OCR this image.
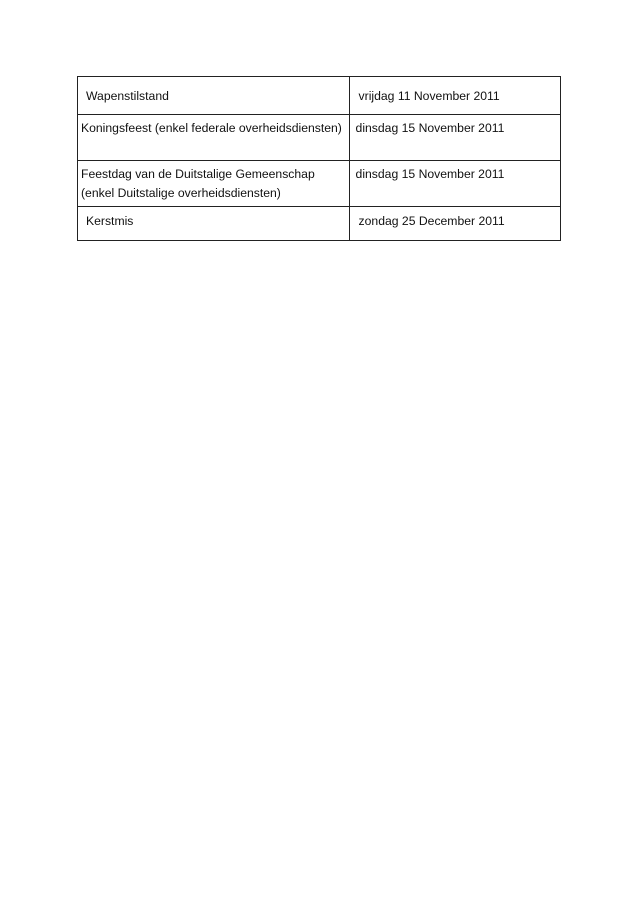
Wapenstilstand	vrijdag 11 November 2011

Koningsfeest (enkel federale overheidsdiensten)	dinsdag 15 November 2011

Feestdag van de Duitstalige Gemeenschap (enkel Duitstalige overheidsdiensten)	dinsdag 15 November 2011

Kerstmis	zondag 25 December 2011
